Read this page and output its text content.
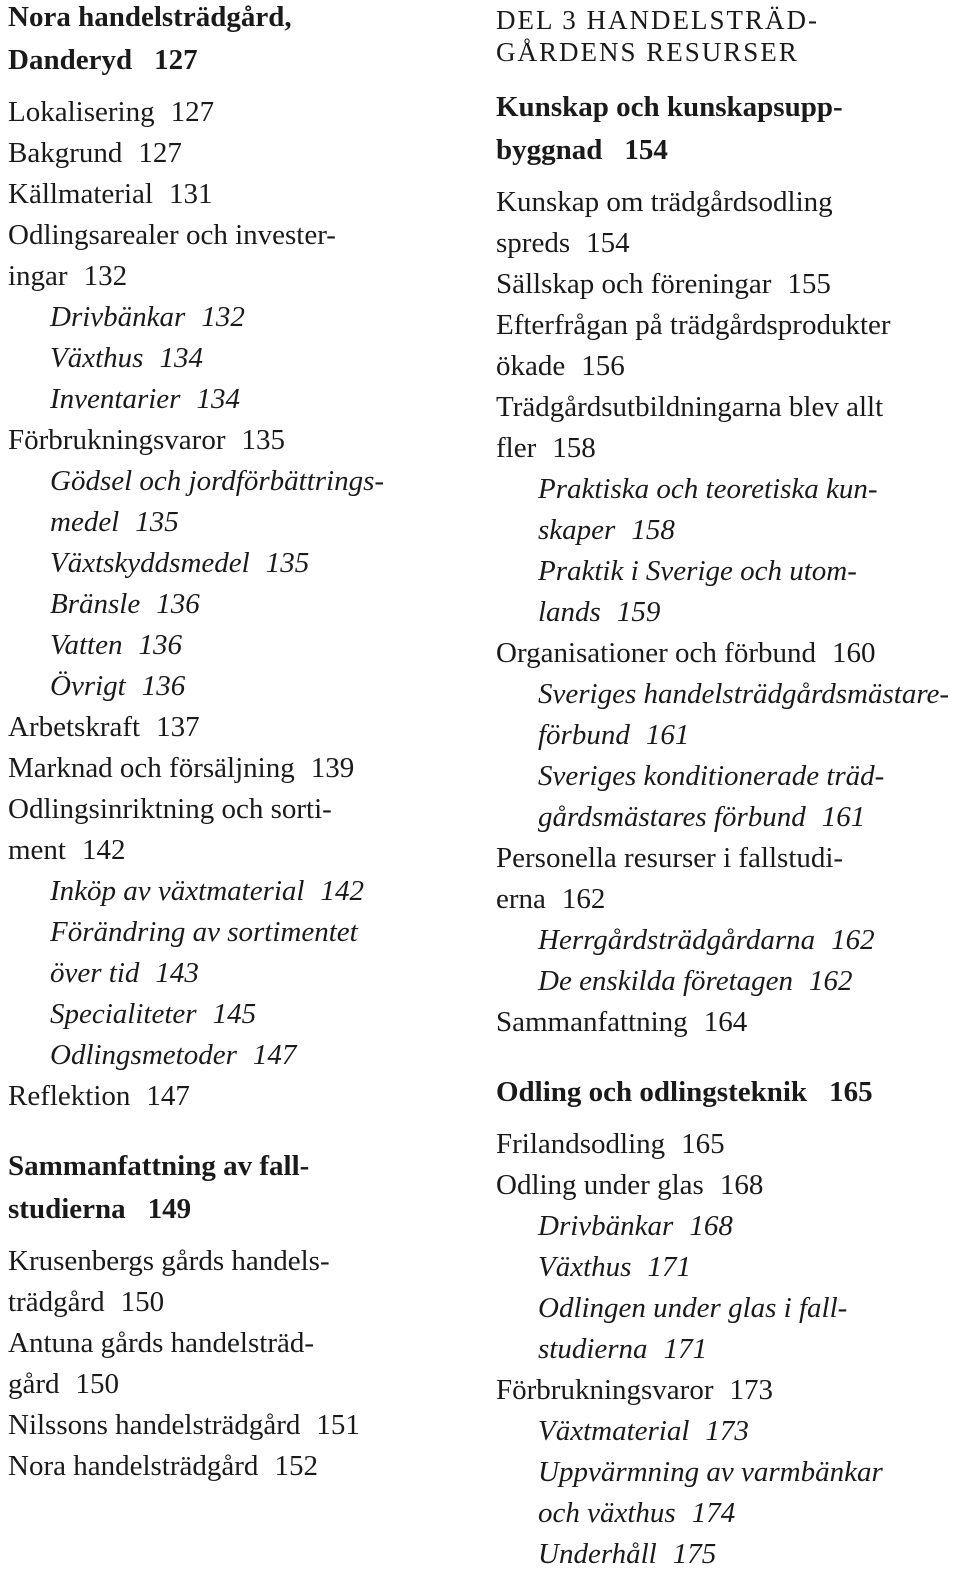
Nora handelsträdgård,
Danderyd 127
Lokalisering 127
Bakgrund 127
Källmaterial 131
Odlingsarealer och invester-
ingar 132
Drivbänkar 132
Växthus 134
Inventarier 134
Förbrukningsvaror 135
Gödsel och jordförbättrings-
medel 135
Växtskyddsmedel 135
Bränsle 136
Vatten 136
Övrigt 136
Arbetskraft 137
Marknad och försäljning 139
Odlingsinriktning och sorti-
ment 142
Inköp av växtmaterial 142
Förändring av sortimentet
över tid 143
Specialiteter 145
Odlingsmetoder 147
Reflektion 147
Sammanfattning av fall-
studierna 149
Krusenbergs gårds handels-
trädgård 150
Antuna gårds handelsträd-
gård 150
Nilssons handelsträdgård 151
Nora handelsträdgård 152
DEL 3 HANDELSTRÄD-
GÅRDENS RESURSER
Kunskap och kunskapsupp-
byggnad 154
Kunskap om trädgårdsodling
spreds 154
Sällskap och föreningar 155
Efterfrågan på trädgårdsprodukter
ökade 156
Trädgårdsutbildningarna blev allt
fler 158
Praktiska och teoretiska kun-
skaper 158
Praktik i Sverige och utom-
lands 159
Organisationer och förbund 160
Sveriges handelsträdgårdsmästare-
förbund 161
Sveriges konditionerade träd-
gårdsmästares förbund 161
Personella resurser i fallstudi-
erna 162
Herrgårdsträdgårdarna 162
De enskilda företagen 162
Sammanfattning 164
Odling och odlingsteknik 165
Frilandsodling 165
Odling under glas 168
Drivbänkar 168
Växthus 171
Odlingen under glas i fall-
studierna 171
Förbrukningsvaror 173
Växtmaterial 173
Uppvärmning av varmbänkar
och växthus 174
Underhåll 175
